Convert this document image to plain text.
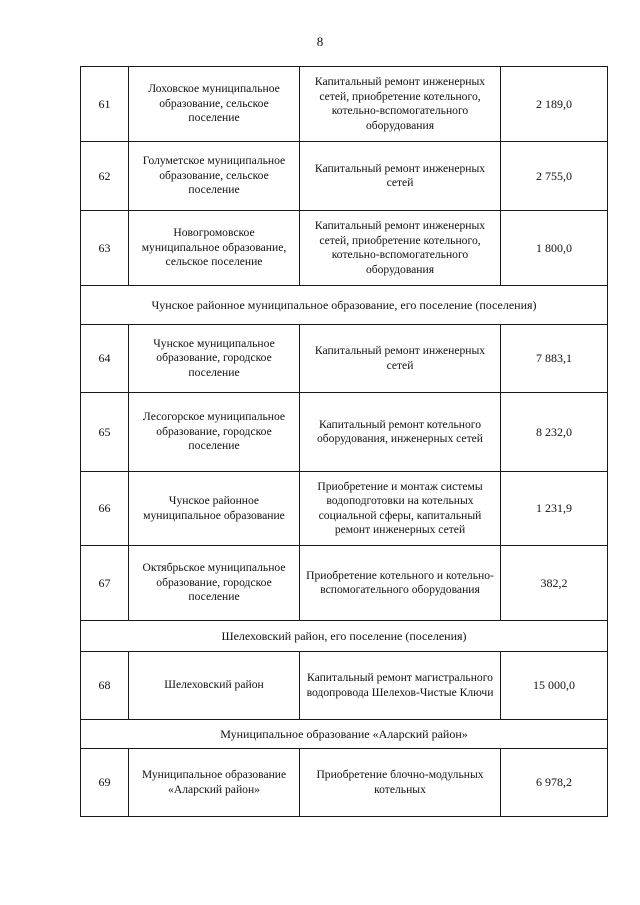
8
61	Лоховское муниципальное образование, сельское поселение	Капитальный ремонт инженерных сетей, приобретение котельного, котельно-вспомогательного оборудования	2 189,0
62	Голуметское муниципальное образование, сельское поселение	Капитальный ремонт инженерных сетей	2 755,0
63	Новогромовское муниципальное образование, сельское поселение	Капитальный ремонт инженерных сетей, приобретение котельного, котельно-вспомогательного оборудования	1 800,0
Чунское районное муниципальное образование, его поселение (поселения)			
64	Чунское муниципальное образование, городское поселение	Капитальный ремонт инженерных сетей	7 883,1
65	Лесогорское муниципальное образование, городское поселение	Капитальный ремонт котельного оборудования, инженерных сетей	8 232,0
66	Чунское районное муниципальное образование	Приобретение и монтаж системы водоподготовки на котельных социальной сферы, капитальный ремонт инженерных сетей	1 231,9
67	Октябрьское муниципальное образование, городское поселение	Приобретение котельного и котельно-вспомогательного оборудования	382,2
Шелеховский район, его поселение (поселения)			
68	Шелеховский район	Капитальный ремонт магистрального водопровода Шелехов-Чистые Ключи	15 000,0
Муниципальное образование «Аларский район»			
69	Муниципальное образование «Аларский район»	Приобретение блочно-модульных котельных	6 978,2
